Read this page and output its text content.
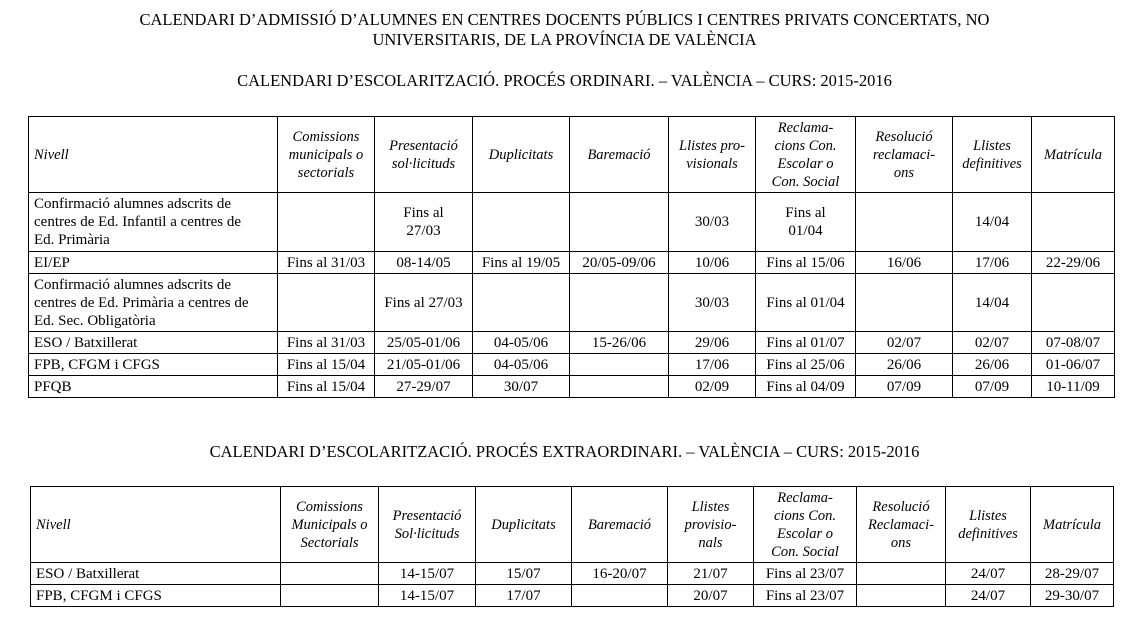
CALENDARI D’ADMISSIÓ D’ALUMNES EN CENTRES DOCENTS PÚBLICS I CENTRES PRIVATS CONCERTATS, NO
UNIVERSITARIS, DE LA PROVÍNCIA DE VALÈNCIA
CALENDARI D’ESCOLARITZACIÓ. PROCÉS ORDINARI. – VALÈNCIA – CURS: 2015-2016
Nivell	Comissions
municipals o
sectorials	Presentació
sol·licituds	Duplicitats	Baremació	Llistes pro-
visionals	Reclama-
cions Con.
Escolar o
Con. Social	Resolució
reclamaci-
ons	Llistes
definitives	Matrícula
Confirmació alumnes adscrits de
centres de Ed. Infantil a centres de
Ed. Primària		Fins al
27/03			30/03	Fins al
01/04		14/04	
EI/EP	Fins al 31/03	08-14/05	Fins al 19/05	20/05-09/06	10/06	Fins al 15/06	16/06	17/06	22-29/06
Confirmació alumnes adscrits de
centres de Ed. Primària a centres de
Ed. Sec. Obligatòria		Fins al 27/03			30/03	Fins al 01/04		14/04	
ESO / Batxillerat	Fins al 31/03	25/05-01/06	04-05/06	15-26/06	29/06	Fins al 01/07	02/07	02/07	07-08/07
FPB, CFGM i CFGS	Fins al 15/04	21/05-01/06	04-05/06		17/06	Fins al 25/06	26/06	26/06	01-06/07
PFQB	Fins al 15/04	27-29/07	30/07		02/09	Fins al 04/09	07/09	07/09	10-11/09
CALENDARI D’ESCOLARITZACIÓ. PROCÉS EXTRAORDINARI. – VALÈNCIA – CURS: 2015-2016
Nivell	Comissions
Municipals o
Sectorials	Presentació
Sol·licituds	Duplicitats	Baremació	Llistes
provisio-
nals	Reclama-
cions Con.
Escolar o
Con. Social	Resolució
Reclamaci-
ons	Llistes
definitives	Matrícula
ESO / Batxillerat		14-15/07	15/07	16-20/07	21/07	Fins al 23/07		24/07	28-29/07
FPB, CFGM i CFGS		14-15/07	17/07		20/07	Fins al 23/07		24/07	29-30/07
